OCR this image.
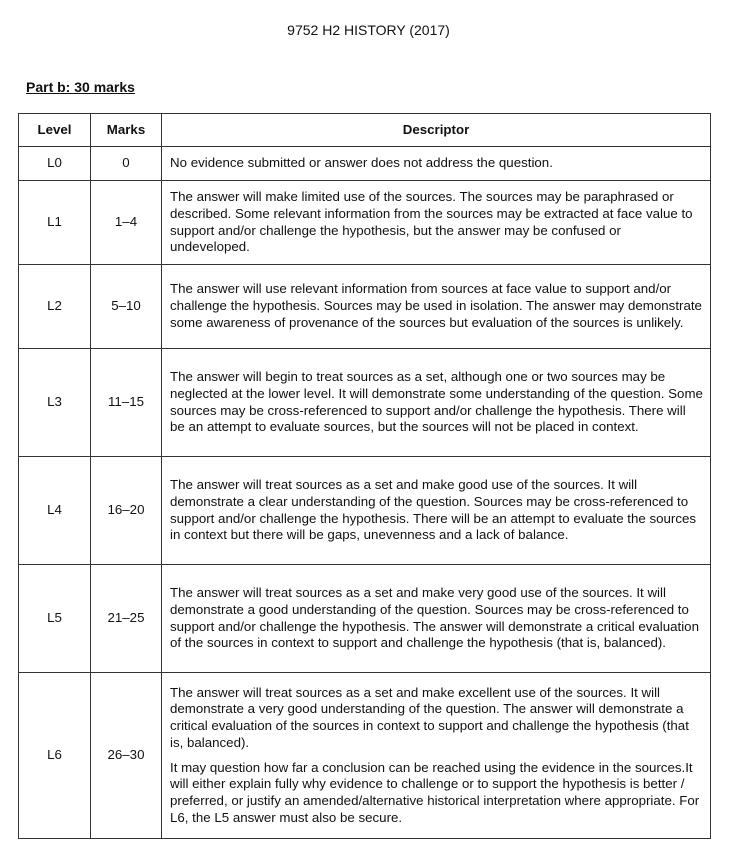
9752 H2 HISTORY (2017)
Part b: 30 marks
Level	Marks	Descriptor
L0	0	No evidence submitted or answer does not address the question.

L1	1–4	The answer will make limited use of the sources. The sources may be paraphrased or described. Some relevant information from the sources may be extracted at face value to support and/or challenge the hypothesis, but the answer may be confused or undeveloped.

L2	5–10	The answer will use relevant information from sources at face value to support and/or challenge the hypothesis. Sources may be used in isolation. The answer may demonstrate some awareness of provenance of the sources but evaluation of the sources is unlikely.

L3	11–15	The answer will begin to treat sources as a set, although one or two sources may be neglected at the lower level. It will demonstrate some understanding of the question. Some sources may be cross-referenced to support and/or challenge the hypothesis. There will be an attempt to evaluate sources, but the sources will not be placed in context.

L4	16–20	The answer will treat sources as a set and make good use of the sources. It will demonstrate a clear understanding of the question. Sources may be cross-referenced to support and/or challenge the hypothesis. There will be an attempt to evaluate the sources in context but there will be gaps, unevenness and a lack of balance.

L5	21–25	The answer will treat sources as a set and make very good use of the sources. It will demonstrate a good understanding of the question. Sources may be cross-referenced to support and/or challenge the hypothesis. The answer will demonstrate a critical evaluation of the sources in context to support and challenge the hypothesis (that is, balanced).

L6	26–30	The answer will treat sources as a set and make excellent use of the sources. It will demonstrate a very good understanding of the question. The answer will demonstrate a critical evaluation of the sources in context to support and challenge the hypothesis (that is, balanced).

It may question how far a conclusion can be reached using the evidence in the sources.It will either explain fully why evidence to challenge or to support the hypothesis is better / preferred, or justify an amended/alternative historical interpretation where appropriate. For L6, the L5 answer must also be secure.
